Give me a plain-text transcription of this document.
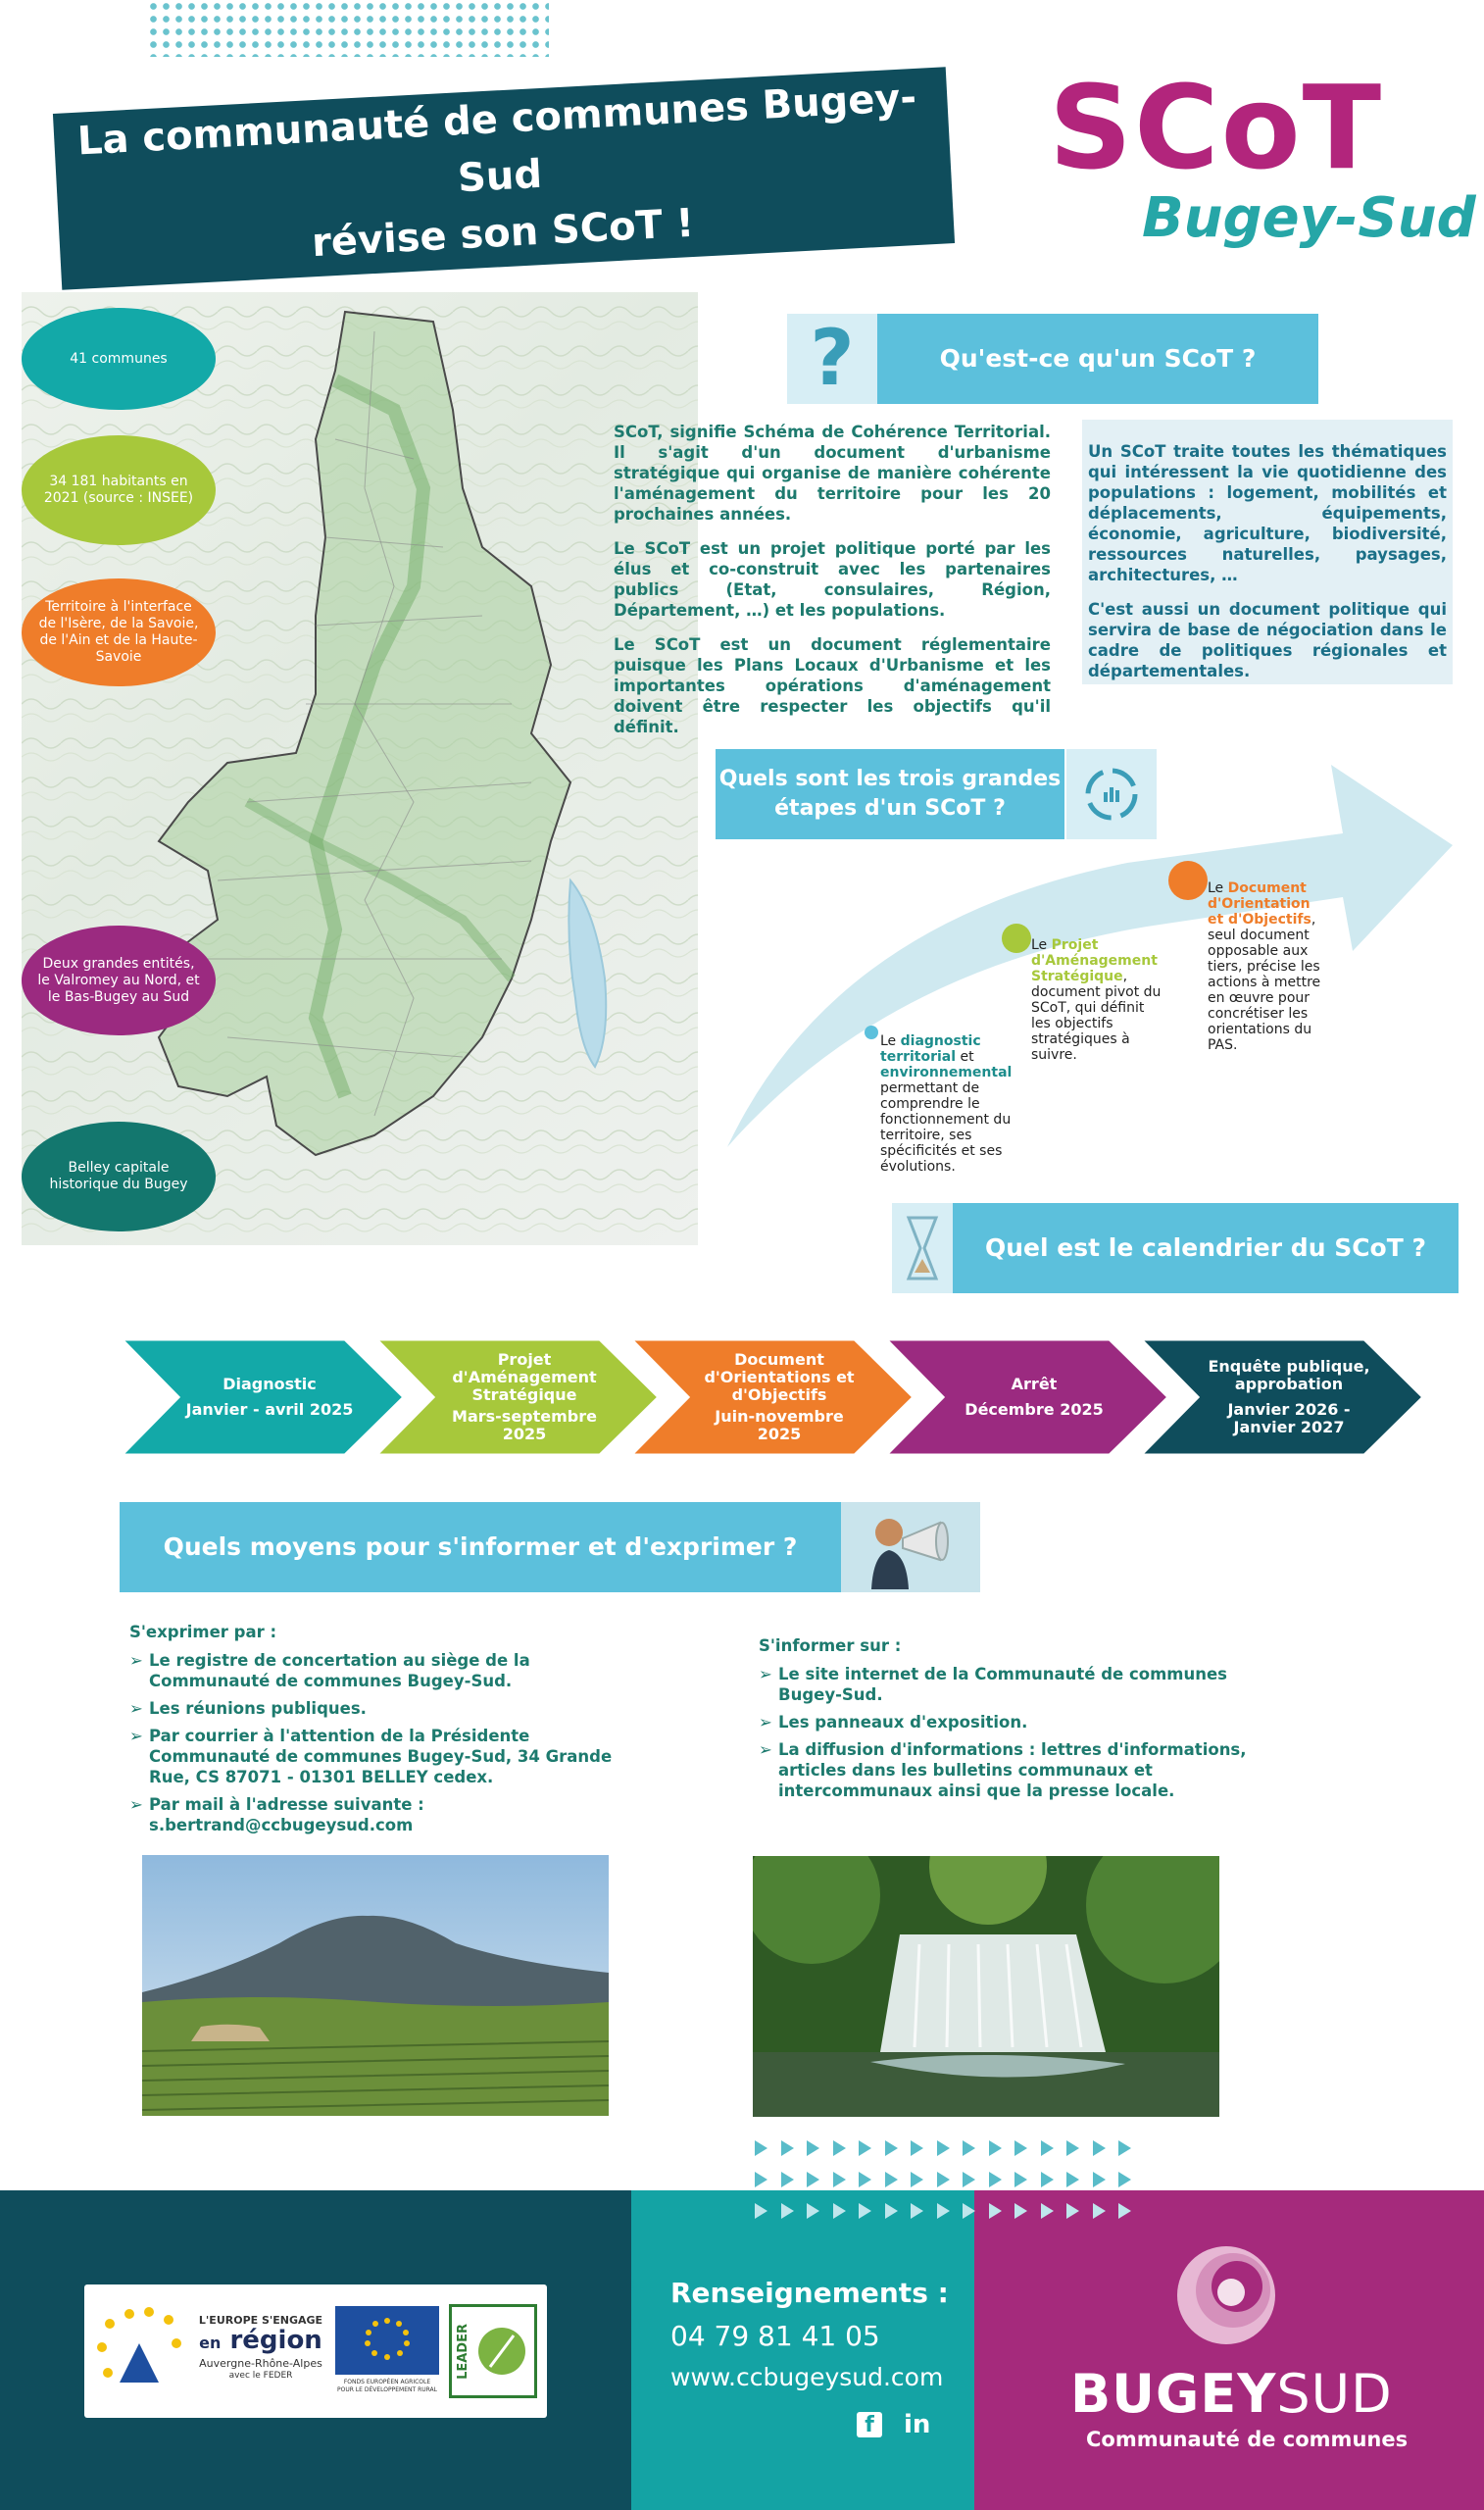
La communauté de communes Bugey-Sud
révise son SCoT !
SCoT
Bugey-Sud
41 communes
34 181 habitants en 2021 (source : INSEE)
Territoire à l'interface de l'Isère, de la Savoie, de l'Ain et de la Haute-Savoie
Deux grandes entités, le Valromey au Nord, et le Bas-Bugey au Sud
Belley capitale historique du Bugey
?	Qu'est-ce qu'un SCoT ?

SCoT, signifie Schéma de Cohérence Territorial. Il s'agit d'un document d'urbanisme stratégique qui organise de manière cohérente l'aménagement du territoire pour les 20 prochaines années.

Le SCoT est un projet politique porté par les élus et co-construit avec les partenaires publics (Etat, consulaires, Région, Département, …) et les populations.

Le SCoT est un document réglementaire puisque les Plans Locaux d'Urbanisme et les importantes opérations d'aménagement doivent être respecter les objectifs qu'il définit.

Un SCoT traite toutes les thématiques qui intéressent la vie quotidienne des populations : logement, mobilités et déplacements, équipements, économie, agriculture, biodiversité, ressources naturelles, paysages, architectures, …

C'est aussi un document politique qui servira de base de négociation dans le cadre de politiques régionales et départementales.

Quels sont les trois grandes étapes d'un SCoT ?
Le diagnostic territorial et environnemental permettant de comprendre le fonctionnement du territoire, ses spécificités et ses évolutions.
Le Projet d'Aménagement Stratégique, document pivot du SCoT, qui définit les objectifs stratégiques à suivre.
Le Document d'Orientation et d'Objectifs, seul document opposable aux tiers, précise les actions à mettre en œuvre pour concrétiser les orientations du PAS.
Quel est le calendrier du SCoT ?
Diagnostic
Janvier - avril 2025
Projet d'Aménagement Stratégique
Mars-septembre 2025
Document d'Orientations et d'Objectifs
Juin-novembre 2025
Arrêt
Décembre 2025
Enquête publique, approbation
Janvier 2026 - Janvier 2027
Quels moyens pour s'informer et d'exprimer ?
S'exprimer par :
➢ Le registre de concertation au siège de la Communauté de communes Bugey-Sud.
➢ Les réunions publiques.
➢ Par courrier à l'attention de la Présidente Communauté de communes Bugey-Sud, 34 Grande Rue, CS 87071 - 01301 BELLEY cedex.
➢ Par mail à l'adresse suivante : s.bertrand@ccbugeysud.com
S'informer sur :
➢ Le site internet de la Communauté de communes Bugey-Sud.
➢ Les panneaux d'exposition.
➢ La diffusion d'informations : lettres d'informations, articles dans les bulletins communaux et intercommunaux ainsi que la presse locale.
L'EUROPE S'ENGAGE
en région
Auvergne-Rhône-Alpes
avec le FEDER
FONDS EUROPÉEN AGRICOLE POUR LE DÉVELOPPEMENT RURAL
LEADER
Renseignements :
04 79 81 41 05
www.ccbugeysud.com
f	in	BUGEYSUD
Communauté de communes
